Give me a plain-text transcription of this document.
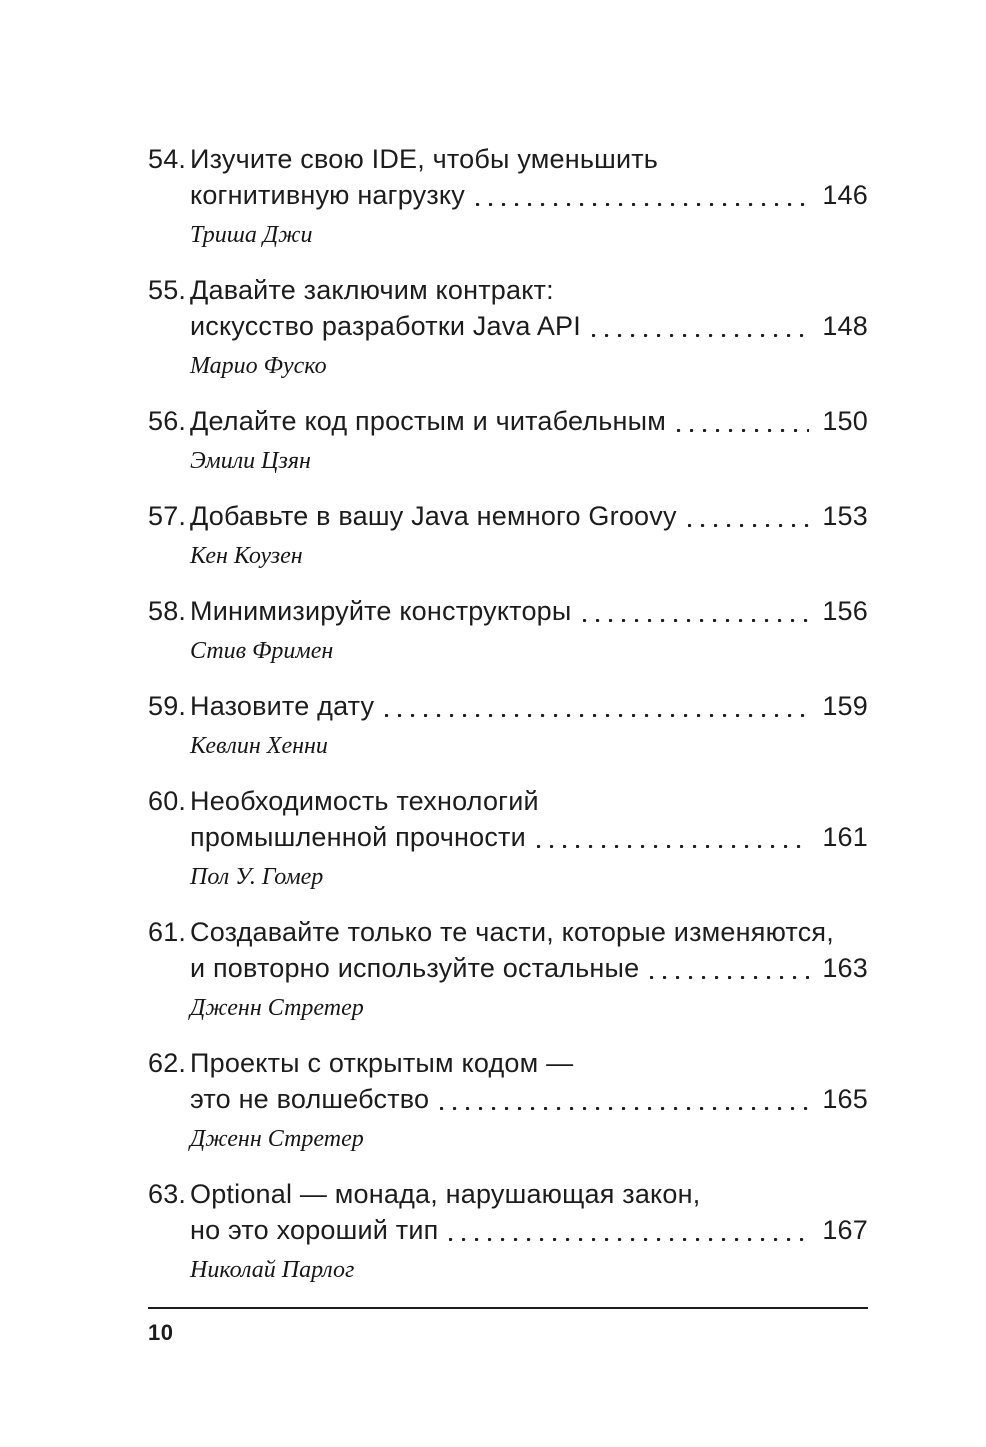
54. Изучите свою IDE, чтобы уменьшить
когнитивную нагрузку	146
Триша Джи
55. Давайте заключим контракт:
искусство разработки Java API	148
Марио Фуско
56. Делайте код простым и читабельным	150
Эмили Цзян
57. Добавьте в вашу Java немного Groovy	153
Кен Коузен
58. Минимизируйте конструкторы	156
Стив Фримен
59. Назовите дату	159
Кевлин Хенни
60. Необходимость технологий
промышленной прочности	161
Пол У. Гомер
61. Создавайте только те части, которые изменяются,
и повторно используйте остальные	163
Дженн Стретер
62. Проекты с открытым кодом —
это не волшебство	165
Дженн Стретер
63. Optional — монада, нарушающая закон,
но это хороший тип	167
Николай Парлог
10
